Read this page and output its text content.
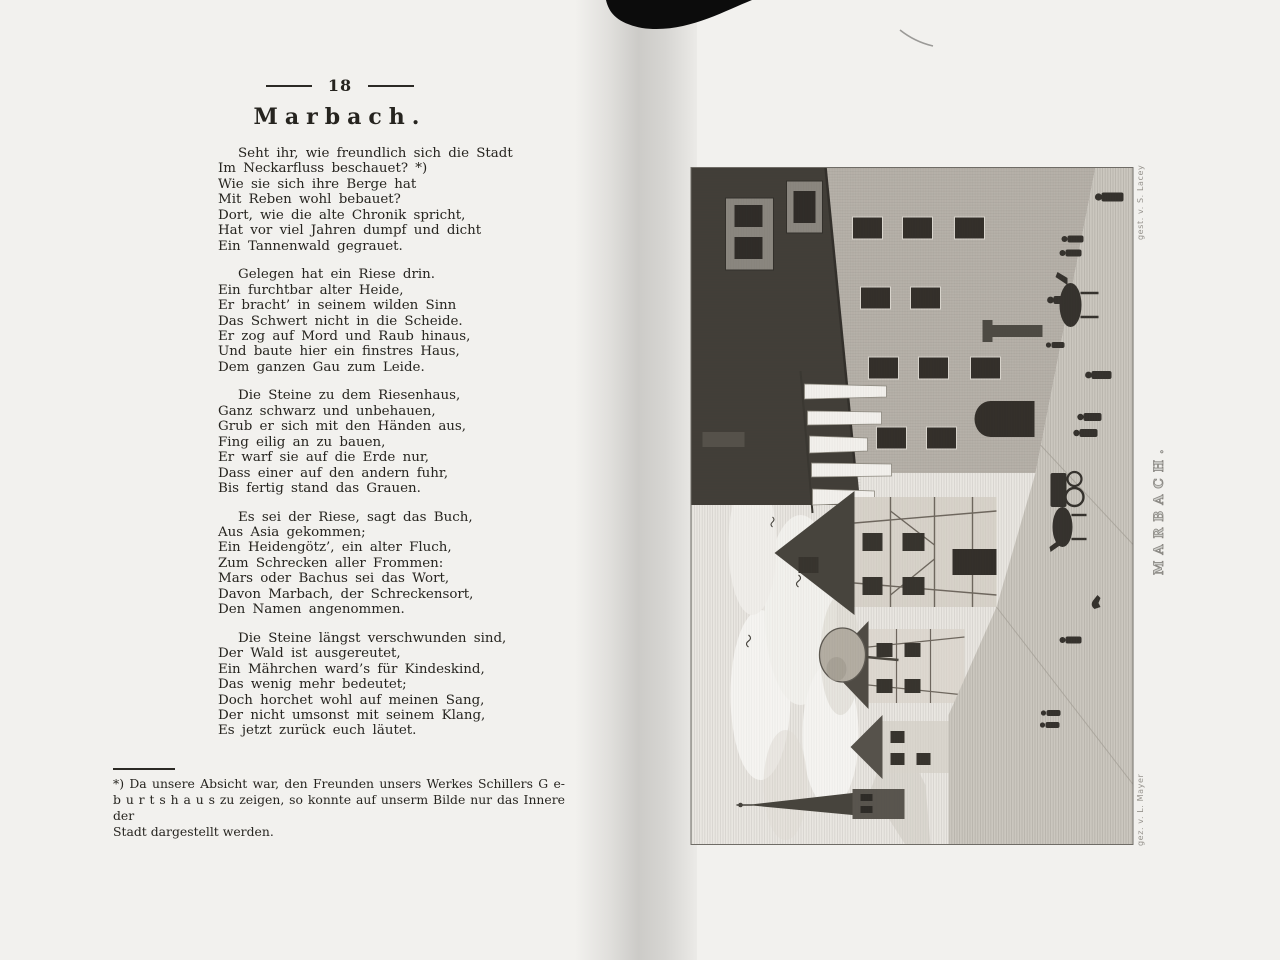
18
Marbach.
Seht ihr, wie freundlich sich die Stadt
Im Neckarfluss beschauet? *)
Wie sie sich ihre Berge hat
Mit Reben wohl bebauet?
Dort, wie die alte Chronik spricht,
Hat vor viel Jahren dumpf und dicht
Ein Tannenwald gegrauet.
Gelegen hat ein Riese drin.
Ein furchtbar alter Heide,
Er bracht’ in seinem wilden Sinn
Das Schwert nicht in die Scheide.
Er zog auf Mord und Raub hinaus,
Und baute hier ein finstres Haus,
Dem ganzen Gau zum Leide.
Die Steine zu dem Riesenhaus,
Ganz schwarz und unbehauen,
Grub er sich mit den Händen aus,
Fing eilig an zu bauen,
Er warf sie auf die Erde nur,
Dass einer auf den andern fuhr,
Bis fertig stand das Grauen.
Es sei der Riese, sagt das Buch,
Aus Asia gekommen;
Ein Heidengötz’, ein alter Fluch,
Zum Schrecken aller Frommen:
Mars oder Bachus sei das Wort,
Davon Marbach, der Schreckensort,
Den Namen angenommen.
Die Steine längst verschwunden sind,
Der Wald ist ausgereutet,
Ein Mährchen ward’s für Kindeskind,
Das wenig mehr bedeutet;
Doch horchet wohl auf meinen Sang,
Der nicht umsonst mit seinem Klang,
Es jetzt zurück euch läutet.
*) Da unsere Absicht war, den Freunden unsers Werkes Schillers G e-
b u r t s h a u s zu zeigen, so konnte auf unserm Bilde nur das Innere der
Stadt dargestellt werden.
gest. v. S. Lacey
gez. v. L. Mayer
MARBACH.
